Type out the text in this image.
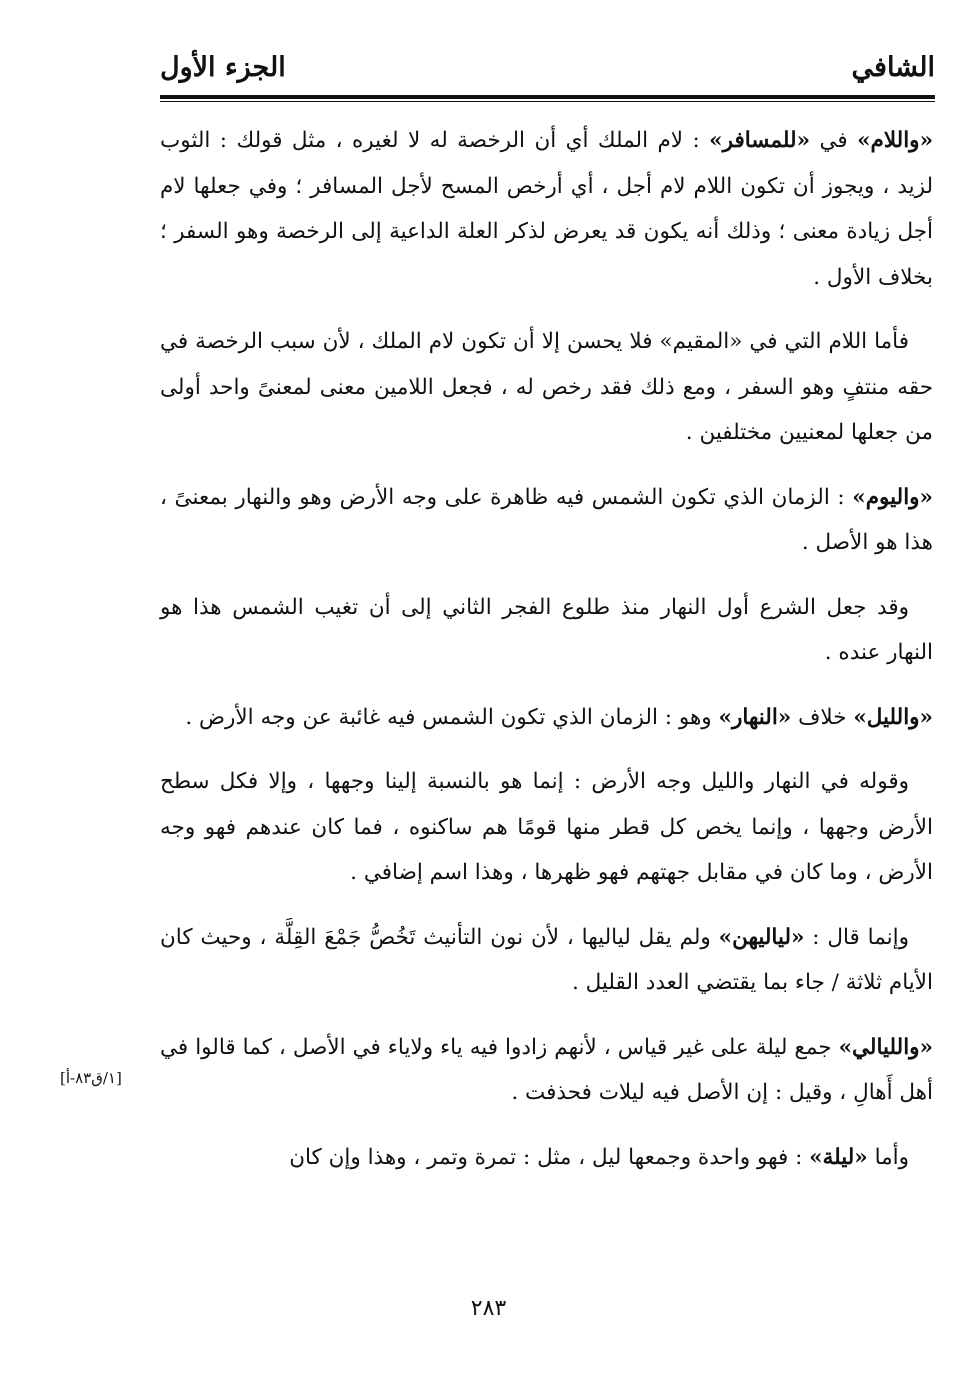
الشافي
الجزء الأول

«واللام» في «للمسافر» : لام الملك أي أن الرخصة له لا لغيره ، مثل قولك : الثوب لزيد ، ويجوز أن تكون اللام لام أجل ، أي أرخص المسح لأجل المسافر ؛ وفي جعلها لام أجل زيادة معنى ؛ وذلك أنه يكون قد يعرض لذكر العلة الداعية إلى الرخصة وهو السفر ؛ بخلاف الأول .

فأما اللام التي في «المقيم» فلا يحسن إلا أن تكون لام الملك ، لأن سبب الرخصة في حقه منتفٍ وهو السفر ، ومع ذلك فقد رخص له ، فجعل اللامين معنى لمعنىً واحد أولى من جعلها لمعنيين مختلفين .

«واليوم» : الزمان الذي تكون الشمس فيه ظاهرة على وجه الأرض وهو والنهار بمعنىً ، هذا هو الأصل .

وقد جعل الشرع أول النهار منذ طلوع الفجر الثاني إلى أن تغيب الشمس هذا هو النهار عنده .

«والليل» خلاف «النهار» وهو : الزمان الذي تكون الشمس فيه غائبة عن وجه الأرض .

وقوله في النهار والليل وجه الأرض : إنما هو بالنسبة إلينا وجهها ، وإلا فكل سطح الأرض وجهها ، وإنما يخص كل قطر منها قومًا هم ساكنوه ، فما كان عندهم فهو وجه الأرض ، وما كان في مقابل جهتهم فهو ظهرها ، وهذا اسم إضافي .

وإنما قال : «لياليهن» ولم يقل لياليها ، لأن نون التأنيث تَخُصُّ جَمْعَ القِلَّة ، وحيث كان الأيام ثلاثة / جاء بما يقتضي العدد القليل .

«والليالي» جمع ليلة على غير قياس ، لأنهم زادوا فيه ياء ولاياء في الأصل ، كما قالوا في أهل أَهالِ ، وقيل : إن الأصل فيه ليلات فحذفت .

وأما «ليلة» : فهو واحدة وجمعها ليل ، مثل : تمرة وتمر ، وهذا وإن كان

[١/ق٨٣-أ]
٢٨٣
